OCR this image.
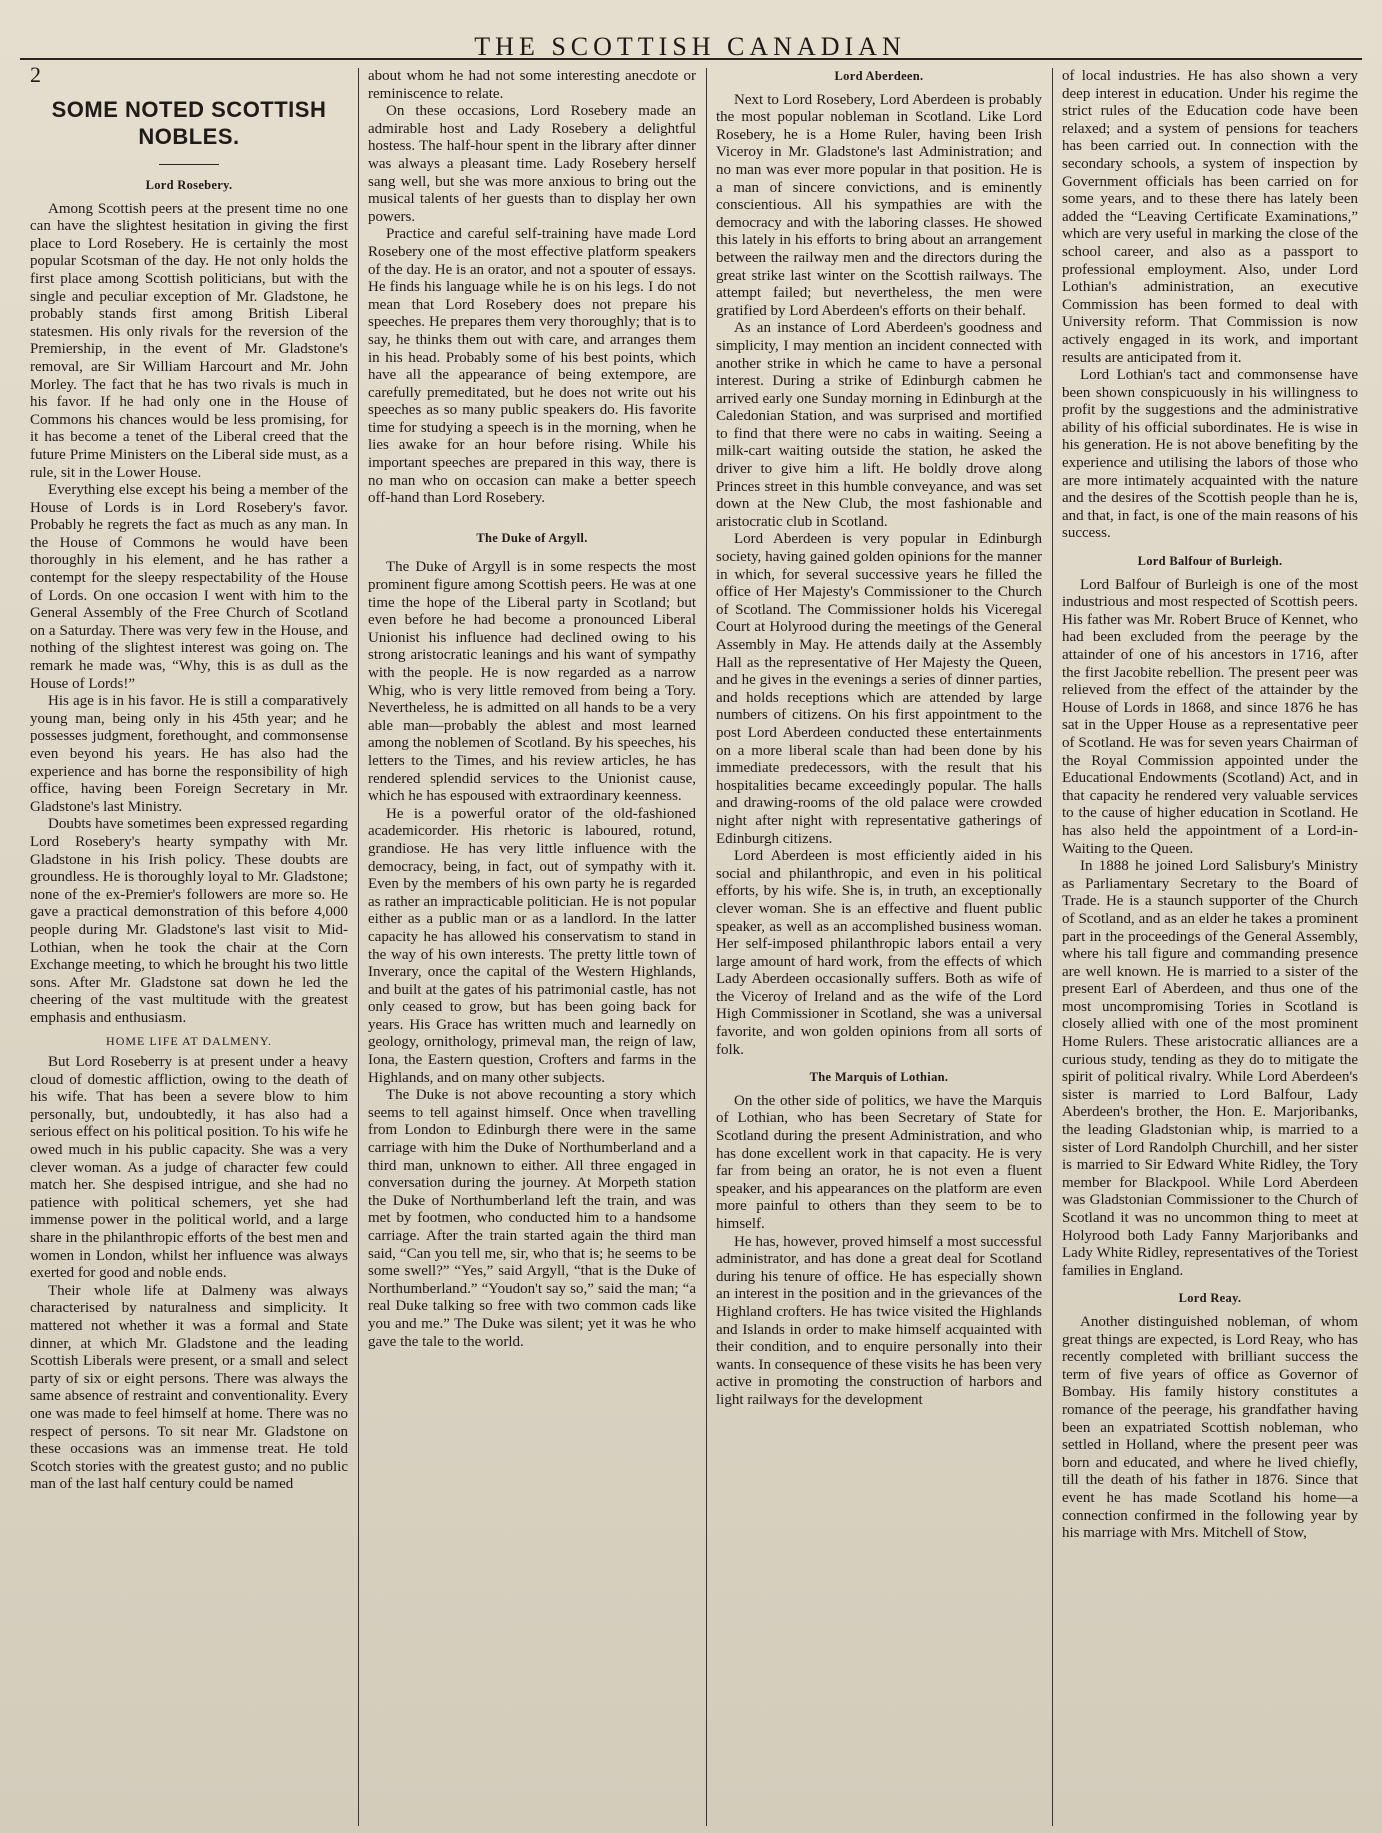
THE SCOTTISH CANADIAN
2
SOME NOTED SCOTTISH NOBLES.
Lord Rosebery.

Among Scottish peers at the present time no one can have the slightest hesitation in giving the first place to Lord Rosebery. He is certainly the most popular Scotsman of the day. He not only holds the first place among Scottish politicians, but with the single and peculiar exception of Mr. Gladstone, he probably stands first among British Liberal statesmen. His only rivals for the reversion of the Premiership, in the event of Mr. Gladstone's removal, are Sir William Harcourt and Mr. John Morley. The fact that he has two rivals is much in his favor. If he had only one in the House of Commons his chances would be less promising, for it has become a tenet of the Liberal creed that the future Prime Ministers on the Liberal side must, as a rule, sit in the Lower House.

Everything else except his being a member of the House of Lords is in Lord Rosebery's favor. Probably he regrets the fact as much as any man. In the House of Commons he would have been thoroughly in his element, and he has rather a contempt for the sleepy respectability of the House of Lords. On one occasion I went with him to the General Assembly of the Free Church of Scotland on a Saturday. There was very few in the House, and nothing of the slightest interest was going on. The remark he made was, “Why, this is as dull as the House of Lords!”

His age is in his favor. He is still a comparatively young man, being only in his 45th year; and he possesses judgment, forethought, and commonsense even beyond his years. He has also had the experience and has borne the responsibility of high office, having been Foreign Secretary in Mr. Gladstone's last Ministry.

Doubts have sometimes been expressed regarding Lord Rosebery's hearty sympathy with Mr. Gladstone in his Irish policy. These doubts are groundless. He is thoroughly loyal to Mr. Gladstone; none of the ex-Premier's followers are more so. He gave a practical demonstration of this before 4,000 people during Mr. Gladstone's last visit to Mid-Lothian, when he took the chair at the Corn Exchange meeting, to which he brought his two little sons. After Mr. Gladstone sat down he led the cheering of the vast multitude with the greatest emphasis and enthusiasm.

HOME LIFE AT DALMENY.

But Lord Roseberry is at present under a heavy cloud of domestic affliction, owing to the death of his wife. That has been a severe blow to him personally, but, undoubtedly, it has also had a serious effect on his political position. To his wife he owed much in his public capacity. She was a very clever woman. As a judge of character few could match her. She despised intrigue, and she had no patience with political schemers, yet she had immense power in the political world, and a large share in the philanthropic efforts of the best men and women in London, whilst her influence was always exerted for good and noble ends.

Their whole life at Dalmeny was always characterised by naturalness and simplicity. It mattered not whether it was a formal and State dinner, at which Mr. Gladstone and the leading Scottish Liberals were present, or a small and select party of six or eight persons. There was always the same absence of restraint and conventionality. Every one was made to feel himself at home. There was no respect of persons. To sit near Mr. Gladstone on these occasions was an immense treat. He told Scotch stories with the greatest gusto; and no public man of the last half century could be named

about whom he had not some interesting anecdote or reminiscence to relate.

On these occasions, Lord Rosebery made an admirable host and Lady Rosebery a delightful hostess. The half-hour spent in the library after dinner was always a pleasant time. Lady Rosebery herself sang well, but she was more anxious to bring out the musical talents of her guests than to display her own powers.

Practice and careful self-training have made Lord Rosebery one of the most effective platform speakers of the day. He is an orator, and not a spouter of essays. He finds his language while he is on his legs. I do not mean that Lord Rosebery does not prepare his speeches. He prepares them very thoroughly; that is to say, he thinks them out with care, and arranges them in his head. Probably some of his best points, which have all the appearance of being extempore, are carefully premeditated, but he does not write out his speeches as so many public speakers do. His favorite time for studying a speech is in the morning, when he lies awake for an hour before rising. While his important speeches are prepared in this way, there is no man who on occasion can make a better speech off-hand than Lord Rosebery.

The Duke of Argyll.

The Duke of Argyll is in some respects the most prominent figure among Scottish peers. He was at one time the hope of the Liberal party in Scotland; but even before he had become a pronounced Liberal Unionist his influence had declined owing to his strong aristocratic leanings and his want of sympathy with the people. He is now regarded as a narrow Whig, who is very little removed from being a Tory. Nevertheless, he is admitted on all hands to be a very able man—probably the ablest and most learned among the noblemen of Scotland. By his speeches, his letters to the Times, and his review articles, he has rendered splendid services to the Unionist cause, which he has espoused with extraordinary keenness.

He is a powerful orator of the old-fashioned academicorder. His rhetoric is laboured, rotund, grandiose. He has very little influence with the democracy, being, in fact, out of sympathy with it. Even by the members of his own party he is regarded as rather an impracticable politician. He is not popular either as a public man or as a landlord. In the latter capacity he has allowed his conservatism to stand in the way of his own interests. The pretty little town of Inverary, once the capital of the Western Highlands, and built at the gates of his patrimonial castle, has not only ceased to grow, but has been going back for years. His Grace has written much and learnedly on geology, ornithology, primeval man, the reign of law, Iona, the Eastern question, Crofters and farms in the Highlands, and on many other subjects.

The Duke is not above recounting a story which seems to tell against himself. Once when travelling from London to Edinburgh there were in the same carriage with him the Duke of Northumberland and a third man, unknown to either. All three engaged in conversation during the journey. At Morpeth station the Duke of Northumberland left the train, and was met by footmen, who conducted him to a handsome carriage. After the train started again the third man said, “Can you tell me, sir, who that is; he seems to be some swell?” “Yes,” said Argyll, “that is the Duke of Northumberland.” “Youdon't say so,” said the man; “a real Duke talking so free with two common cads like you and me.” The Duke was silent; yet it was he who gave the tale to the world.

Lord Aberdeen.

Next to Lord Rosebery, Lord Aberdeen is probably the most popular nobleman in Scotland. Like Lord Rosebery, he is a Home Ruler, having been Irish Viceroy in Mr. Gladstone's last Administration; and no man was ever more popular in that position. He is a man of sincere convictions, and is eminently conscientious. All his sympathies are with the democracy and with the laboring classes. He showed this lately in his efforts to bring about an arrangement between the railway men and the directors during the great strike last winter on the Scottish railways. The attempt failed; but nevertheless, the men were gratified by Lord Aberdeen's efforts on their behalf.

As an instance of Lord Aberdeen's goodness and simplicity, I may mention an incident connected with another strike in which he came to have a personal interest. During a strike of Edinburgh cabmen he arrived early one Sunday morning in Edinburgh at the Caledonian Station, and was surprised and mortified to find that there were no cabs in waiting. Seeing a milk-cart waiting outside the station, he asked the driver to give him a lift. He boldly drove along Princes street in this humble conveyance, and was set down at the New Club, the most fashionable and aristocratic club in Scotland.

Lord Aberdeen is very popular in Edinburgh society, having gained golden opinions for the manner in which, for several successive years he filled the office of Her Majesty's Commissioner to the Church of Scotland. The Commissioner holds his Viceregal Court at Holyrood during the meetings of the General Assembly in May. He attends daily at the Assembly Hall as the representative of Her Majesty the Queen, and he gives in the evenings a series of dinner parties, and holds receptions which are attended by large numbers of citizens. On his first appointment to the post Lord Aberdeen conducted these entertainments on a more liberal scale than had been done by his immediate predecessors, with the result that his hospitalities became exceedingly popular. The halls and drawing-rooms of the old palace were crowded night after night with representative gatherings of Edinburgh citizens.

Lord Aberdeen is most efficiently aided in his social and philanthropic, and even in his political efforts, by his wife. She is, in truth, an exceptionally clever woman. She is an effective and fluent public speaker, as well as an accomplished business woman. Her self-imposed philanthropic labors entail a very large amount of hard work, from the effects of which Lady Aberdeen occasionally suffers. Both as wife of the Viceroy of Ireland and as the wife of the Lord High Commissioner in Scotland, she was a universal favorite, and won golden opinions from all sorts of folk.

The Marquis of Lothian.

On the other side of politics, we have the Marquis of Lothian, who has been Secretary of State for Scotland during the present Administration, and who has done excellent work in that capacity. He is very far from being an orator, he is not even a fluent speaker, and his appearances on the platform are even more painful to others than they seem to be to himself.

He has, however, proved himself a most successful administrator, and has done a great deal for Scotland during his tenure of office. He has especially shown an interest in the position and in the grievances of the Highland crofters. He has twice visited the Highlands and Islands in order to make himself acquainted with their condition, and to enquire personally into their wants. In consequence of these visits he has been very active in promoting the construction of harbors and light railways for the development

of local industries. He has also shown a very deep interest in education. Under his regime the strict rules of the Education code have been relaxed; and a system of pensions for teachers has been carried out. In connection with the secondary schools, a system of inspection by Government officials has been carried on for some years, and to these there has lately been added the “Leaving Certificate Examinations,” which are very useful in marking the close of the school career, and also as a passport to professional employment. Also, under Lord Lothian's administration, an executive Commission has been formed to deal with University reform. That Commission is now actively engaged in its work, and important results are anticipated from it.

Lord Lothian's tact and commonsense have been shown conspicuously in his willingness to profit by the suggestions and the administrative ability of his official subordinates. He is wise in his generation. He is not above benefiting by the experience and utilising the labors of those who are more intimately acquainted with the nature and the desires of the Scottish people than he is, and that, in fact, is one of the main reasons of his success.

Lord Balfour of Burleigh.

Lord Balfour of Burleigh is one of the most industrious and most respected of Scottish peers. His father was Mr. Robert Bruce of Kennet, who had been excluded from the peerage by the attainder of one of his ancestors in 1716, after the first Jacobite rebellion. The present peer was relieved from the effect of the attainder by the House of Lords in 1868, and since 1876 he has sat in the Upper House as a representative peer of Scotland. He was for seven years Chairman of the Royal Commission appointed under the Educational Endowments (Scotland) Act, and in that capacity he rendered very valuable services to the cause of higher education in Scotland. He has also held the appointment of a Lord-in-Waiting to the Queen.

In 1888 he joined Lord Salisbury's Ministry as Parliamentary Secretary to the Board of Trade. He is a staunch supporter of the Church of Scotland, and as an elder he takes a prominent part in the proceedings of the General Assembly, where his tall figure and commanding presence are well known. He is married to a sister of the present Earl of Aberdeen, and thus one of the most uncompromising Tories in Scotland is closely allied with one of the most prominent Home Rulers. These aristocratic alliances are a curious study, tending as they do to mitigate the spirit of political rivalry. While Lord Aberdeen's sister is married to Lord Balfour, Lady Aberdeen's brother, the Hon. E. Marjoribanks, the leading Gladstonian whip, is married to a sister of Lord Randolph Churchill, and her sister is married to Sir Edward White Ridley, the Tory member for Blackpool. While Lord Aberdeen was Gladstonian Commissioner to the Church of Scotland it was no uncommon thing to meet at Holyrood both Lady Fanny Marjoribanks and Lady White Ridley, representatives of the Toriest families in England.

Lord Reay.

Another distinguished nobleman, of whom great things are expected, is Lord Reay, who has recently completed with brilliant success the term of five years of office as Governor of Bombay. His family history constitutes a romance of the peerage, his grandfather having been an expatriated Scottish nobleman, who settled in Holland, where the present peer was born and educated, and where he lived chiefly, till the death of his father in 1876. Since that event he has made Scotland his home—a connection confirmed in the following year by his marriage with Mrs. Mitchell of Stow,
